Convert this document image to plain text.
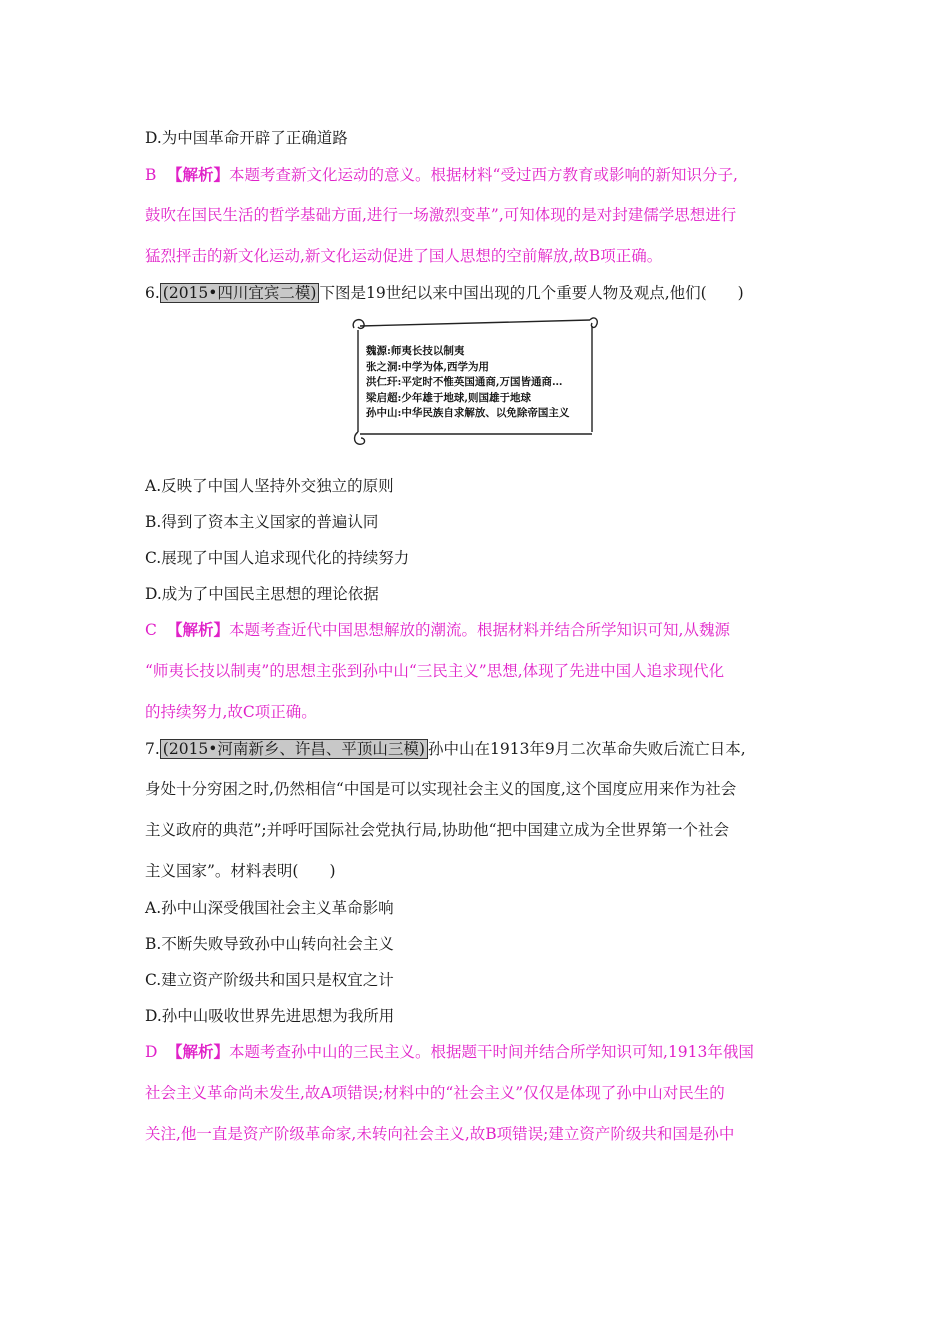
D.为中国革命开辟了正确道路
B 【解析】本题考查新文化运动的意义。根据材料“受过西方教育或影响的新知识分子,
鼓吹在国民生活的哲学基础方面,进行一场激烈变革”,可知体现的是对封建儒学思想进行
猛烈抨击的新文化运动,新文化运动促进了国人思想的空前解放,故B项正确。
6. (2015•四川宜宾二模) 下图是19世纪以来中国出现的几个重要人物及观点,他们(　　)
魏源:师夷长技以制夷
张之洞:中学为体,西学为用
洪仁玕:平定时不惟英国通商,万国皆通商…
梁启超:少年雄于地球,则国雄于地球
孙中山:中华民族自求解放、以免除帝国主义
A.反映了中国人坚持外交独立的原则
B.得到了资本主义国家的普遍认同
C.展现了中国人追求现代化的持续努力
D.成为了中国民主思想的理论依据
C 【解析】本题考查近代中国思想解放的潮流。根据材料并结合所学知识可知,从魏源
“师夷长技以制夷”的思想主张到孙中山“三民主义”思想,体现了先进中国人追求现代化
的持续努力,故C项正确。
7. (2015•河南新乡、许昌、平顶山三模) 孙中山在1913年9月二次革命失败后流亡日本,
身处十分穷困之时,仍然相信“中国是可以实现社会主义的国度,这个国度应用来作为社会
主义政府的典范”;并呼吁国际社会党执行局,协助他“把中国建立成为全世界第一个社会
主义国家”。材料表明(　　)
A.孙中山深受俄国社会主义革命影响
B.不断失败导致孙中山转向社会主义
C.建立资产阶级共和国只是权宜之计
D.孙中山吸收世界先进思想为我所用
D 【解析】本题考查孙中山的三民主义。根据题干时间并结合所学知识可知,1913年俄国
社会主义革命尚未发生,故A项错误;材料中的“社会主义”仅仅是体现了孙中山对民生的
关注,他一直是资产阶级革命家,未转向社会主义,故B项错误;建立资产阶级共和国是孙中
